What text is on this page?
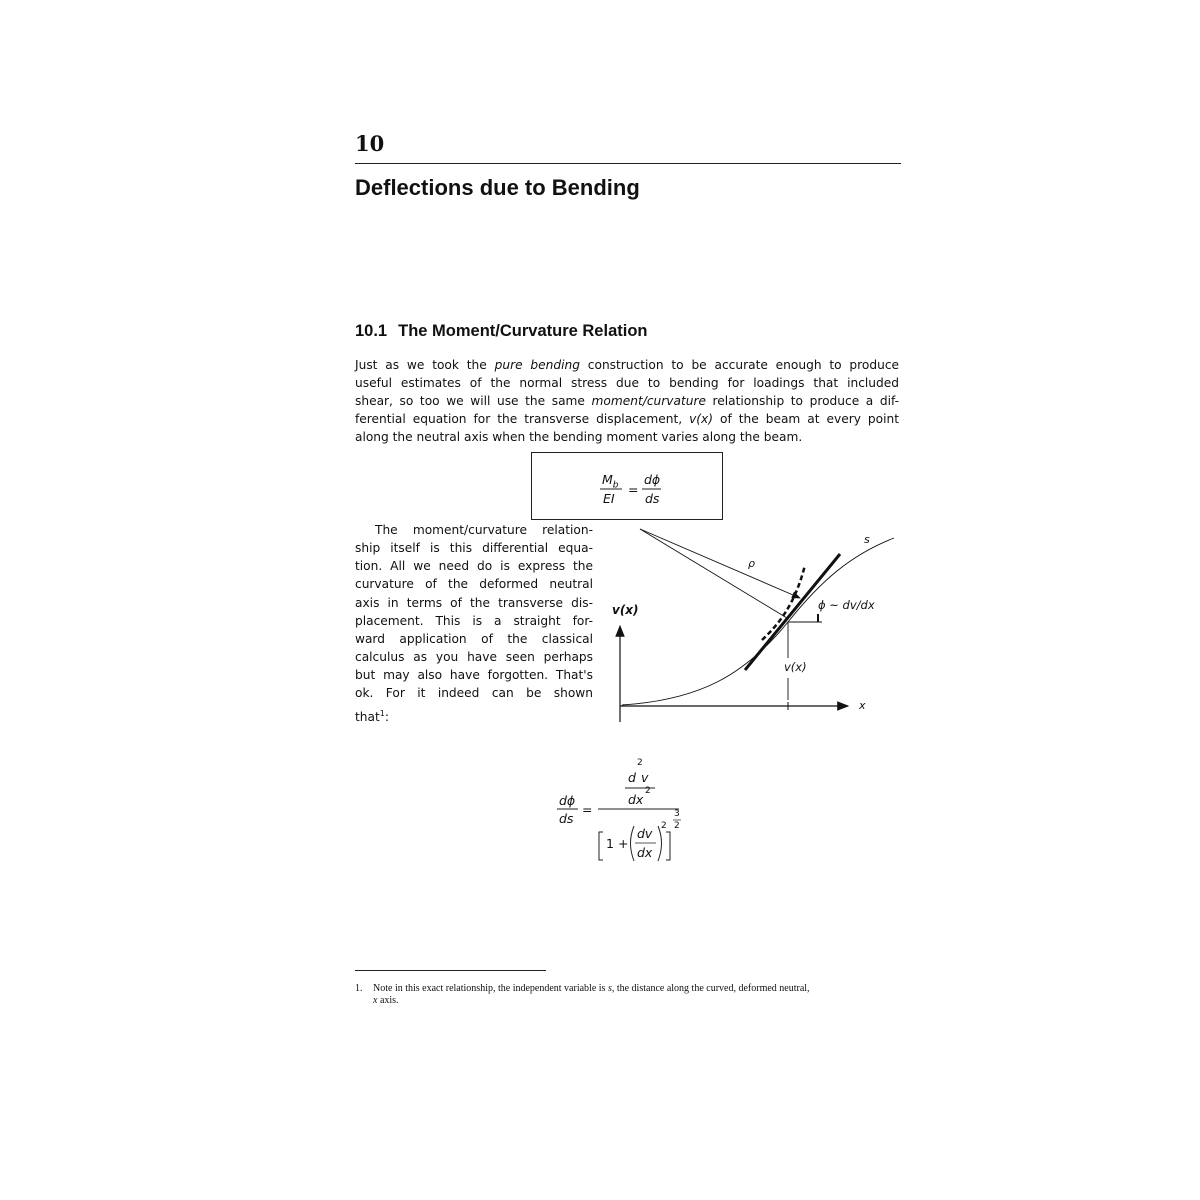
10
Deflections due to Bending
10.1 The Moment/Curvature Relation
Just as we took the pure bending construction to be accurate enough to produce
useful estimates of the normal stress due to bending for loadings that included
shear, so too we will use the same moment/curvature relationship to produce a dif-
ferential equation for the transverse displacement, v(x) of the beam at every point
along the neutral axis when the bending moment varies along the beam.
$M_b$
EI
=
dϕ
ds
The moment/curvature relation-
ship itself is this differential equa-
tion. All we need do is express the
curvature of the deformed neutral
axis in terms of the transverse dis-
placement. This is a straight for-
ward application of the classical
calculus as you have seen perhaps
but may also have forgotten. That's
ok. For it indeed can be shown
that$^1$:
s
ρ
ϕ ~ dv/dx
v(x)
v(x)
x
dϕ
ds
=
2
d v
dx
2
1 +
dv
dx
2
3
2
1. Note in this exact relationship, the independent variable is s, the distance along the curved, deformed neutral,
x axis.
